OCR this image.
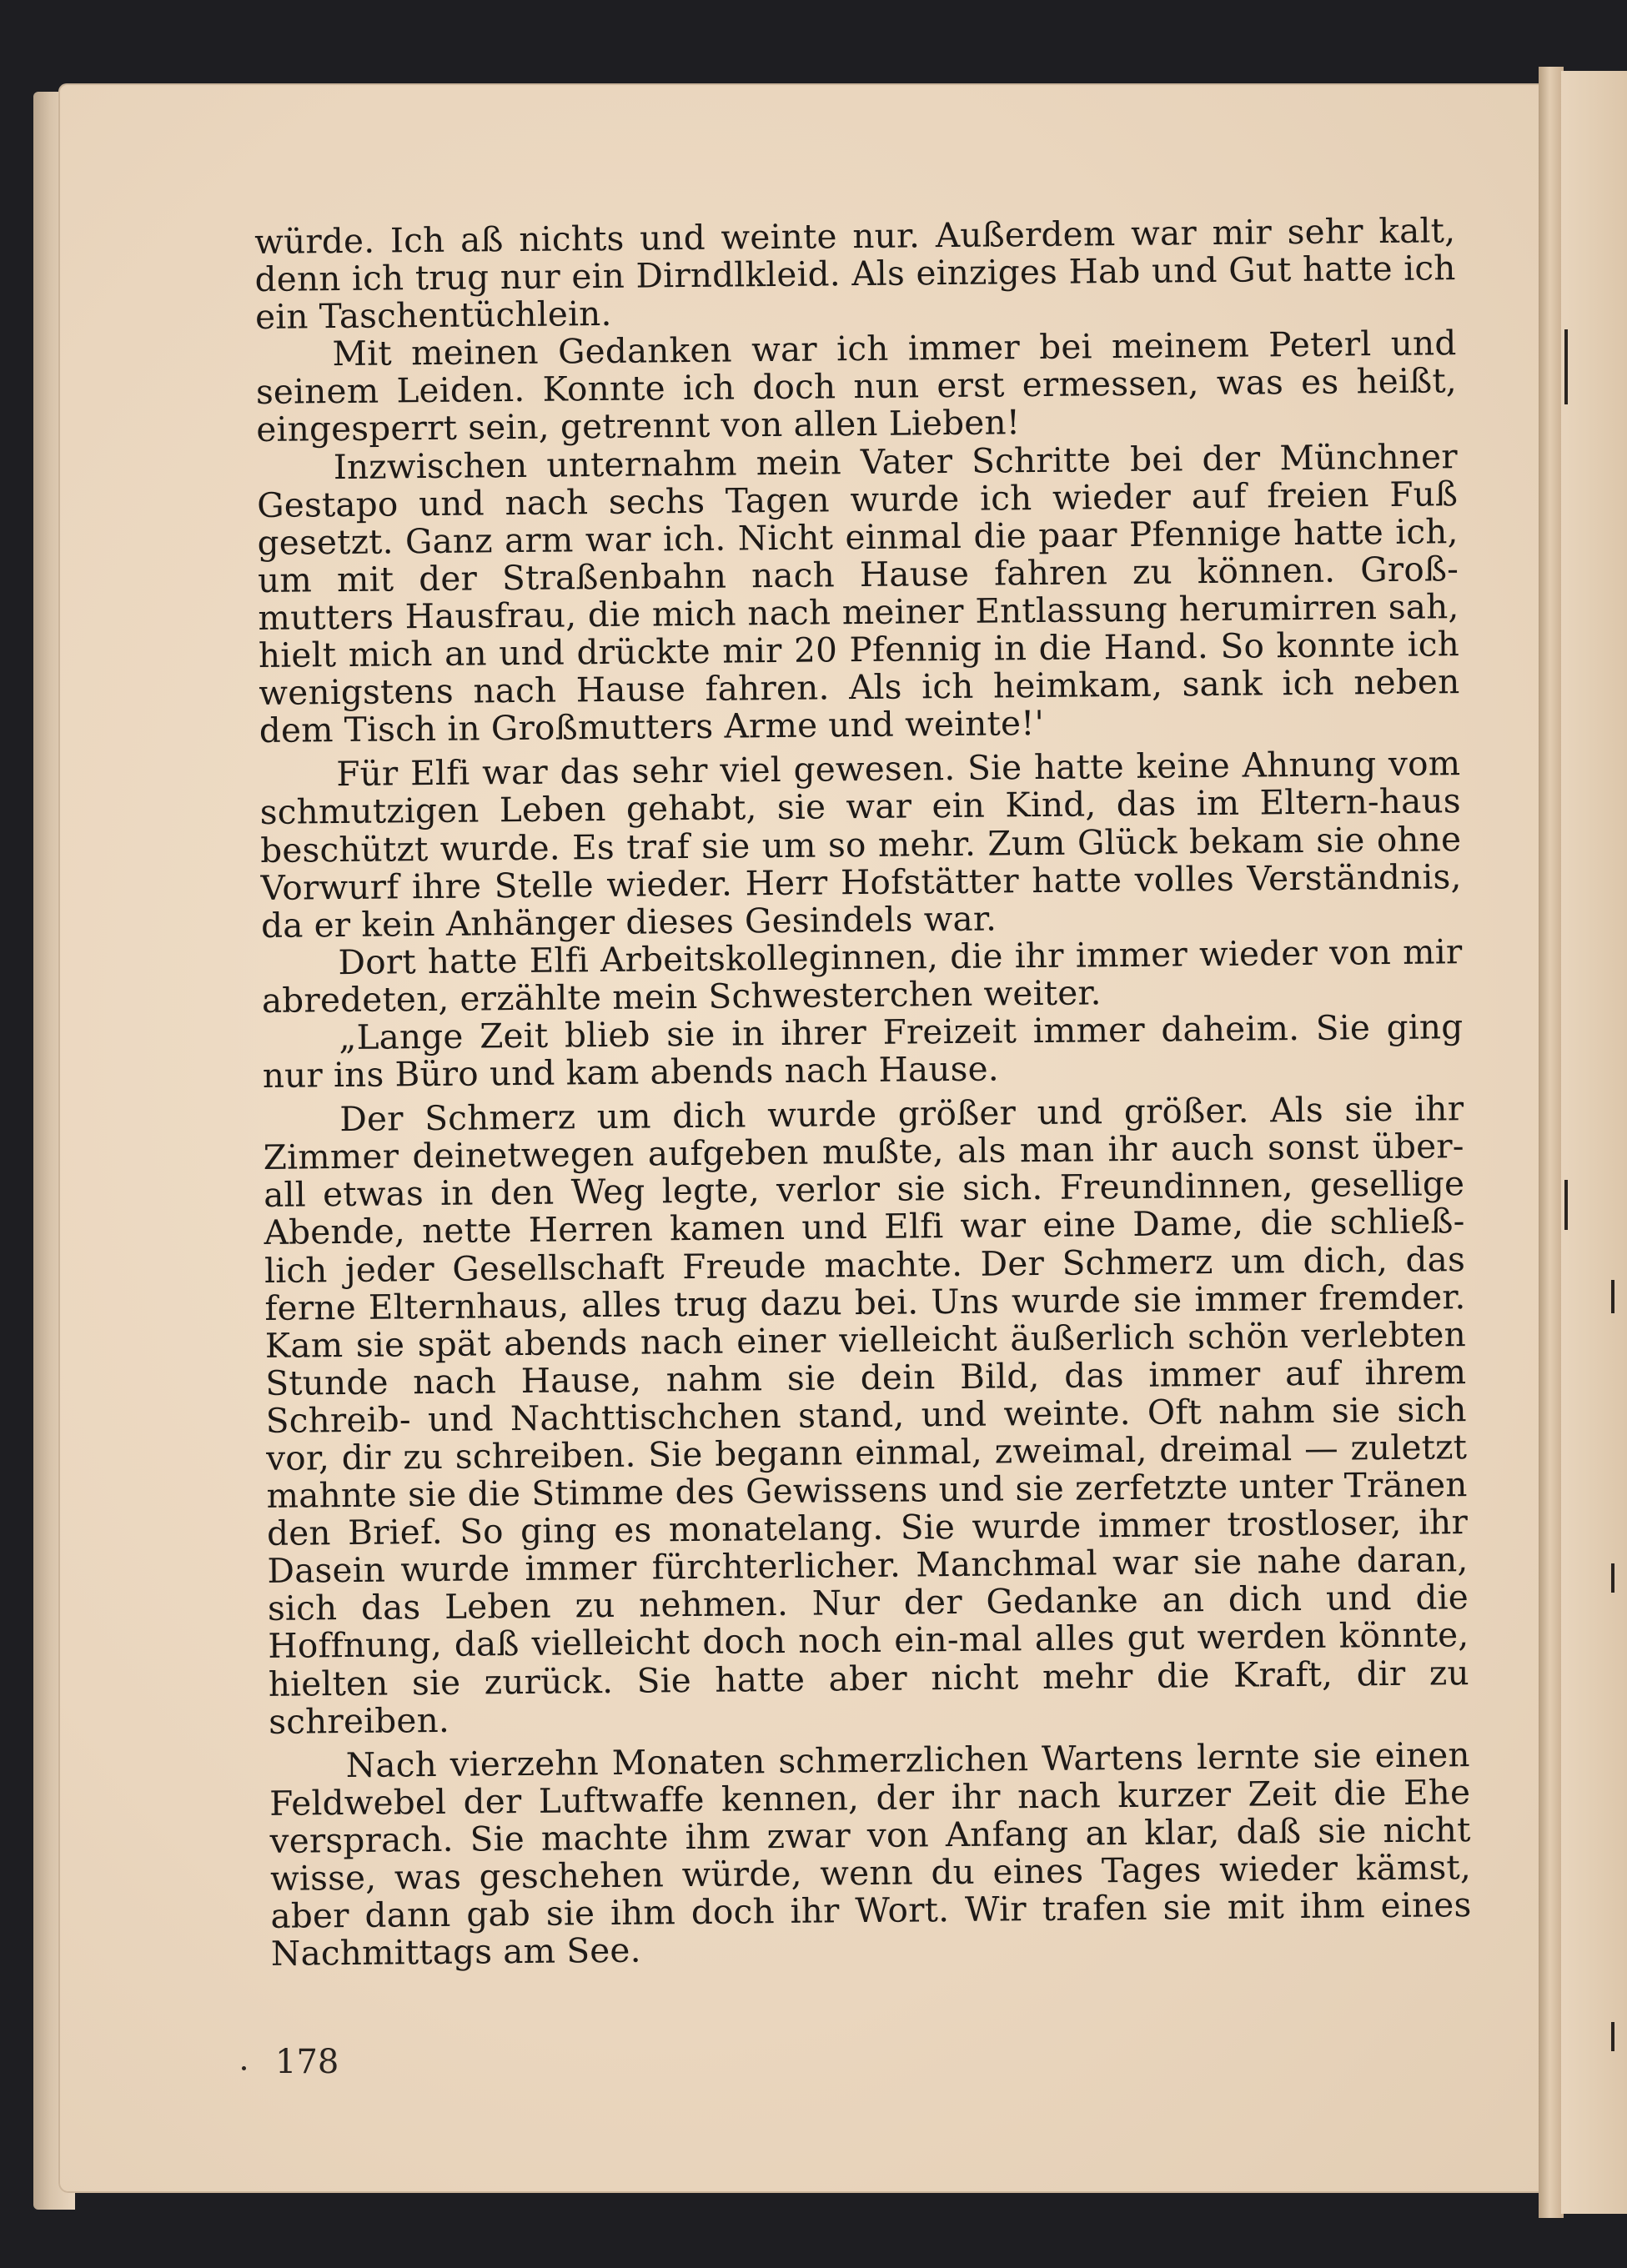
würde. Ich aß nichts und weinte nur. Außerdem war mir sehr kalt, denn ich trug nur ein Dirndlkleid. Als einziges Hab und Gut hatte ich ein Taschentüchlein.

Mit meinen Gedanken war ich immer bei meinem Peterl und seinem Leiden. Konnte ich doch nun erst ermessen, was es heißt, eingesperrt sein, getrennt von allen Lieben!

Inzwischen unternahm mein Vater Schritte bei der Münchner Gestapo und nach sechs Tagen wurde ich wieder auf freien Fuß gesetzt. Ganz arm war ich. Nicht einmal die paar Pfennige hatte ich, um mit der Straßenbahn nach Hause fahren zu können. Groß-mutters Hausfrau, die mich nach meiner Entlassung herumirren sah, hielt mich an und drückte mir 20 Pfennig in die Hand. So konnte ich wenigstens nach Hause fahren. Als ich heimkam, sank ich neben dem Tisch in Großmutters Arme und weinte!'

Für Elfi war das sehr viel gewesen. Sie hatte keine Ahnung vom schmutzigen Leben gehabt, sie war ein Kind, das im Eltern-haus beschützt wurde. Es traf sie um so mehr. Zum Glück bekam sie ohne Vorwurf ihre Stelle wieder. Herr Hofstätter hatte volles Verständnis, da er kein Anhänger dieses Gesindels war.

Dort hatte Elfi Arbeitskolleginnen, die ihr immer wieder von mir abredeten, erzählte mein Schwesterchen weiter.

„Lange Zeit blieb sie in ihrer Freizeit immer daheim. Sie ging nur ins Büro und kam abends nach Hause.

Der Schmerz um dich wurde größer und größer. Als sie ihr Zimmer deinetwegen aufgeben mußte, als man ihr auch sonst über-all etwas in den Weg legte, verlor sie sich. Freundinnen, gesellige Abende, nette Herren kamen und Elfi war eine Dame, die schließ-lich jeder Gesellschaft Freude machte. Der Schmerz um dich, das ferne Elternhaus, alles trug dazu bei. Uns wurde sie immer fremder. Kam sie spät abends nach einer vielleicht äußerlich schön verlebten Stunde nach Hause, nahm sie dein Bild, das immer auf ihrem Schreib- und Nachttischchen stand, und weinte. Oft nahm sie sich vor, dir zu schreiben. Sie begann einmal, zweimal, dreimal — zuletzt mahnte sie die Stimme des Gewissens und sie zerfetzte unter Tränen den Brief. So ging es monatelang. Sie wurde immer trostloser, ihr Dasein wurde immer fürchterlicher. Manchmal war sie nahe daran, sich das Leben zu nehmen. Nur der Gedanke an dich und die Hoffnung, daß vielleicht doch noch ein-mal alles gut werden könnte, hielten sie zurück. Sie hatte aber nicht mehr die Kraft, dir zu schreiben.

Nach vierzehn Monaten schmerzlichen Wartens lernte sie einen Feldwebel der Luftwaffe kennen, der ihr nach kurzer Zeit die Ehe versprach. Sie machte ihm zwar von Anfang an klar, daß sie nicht wisse, was geschehen würde, wenn du eines Tages wieder kämst, aber dann gab sie ihm doch ihr Wort. Wir trafen sie mit ihm eines Nachmittags am See.

178
